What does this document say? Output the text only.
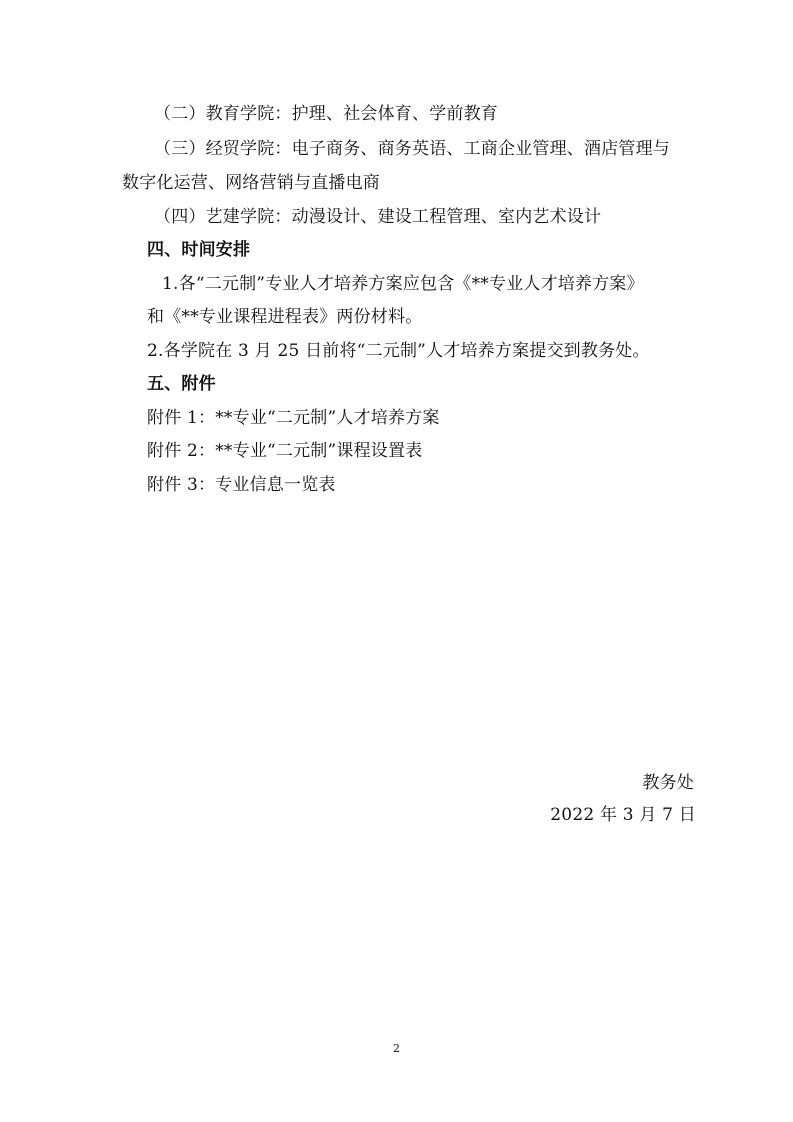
（二）教育学院：护理、社会体育、学前教育
（三）经贸学院：电子商务、商务英语、工商企业管理、酒店管理与
数字化运营、网络营销与直播电商
（四）艺建学院：动漫设计、建设工程管理、室内艺术设计
四、时间安排
1.各“二元制”专业人才培养方案应包含《**专业人才培养方案》
和《**专业课程进程表》两份材料。
2.各学院在 3 月 25 日前将“二元制”人才培养方案提交到教务处。
五、附件
附件 1：**专业“二元制”人才培养方案
附件 2：**专业“二元制”课程设置表
附件 3：专业信息一览表
教务处
2022 年 3 月 7 日
2
